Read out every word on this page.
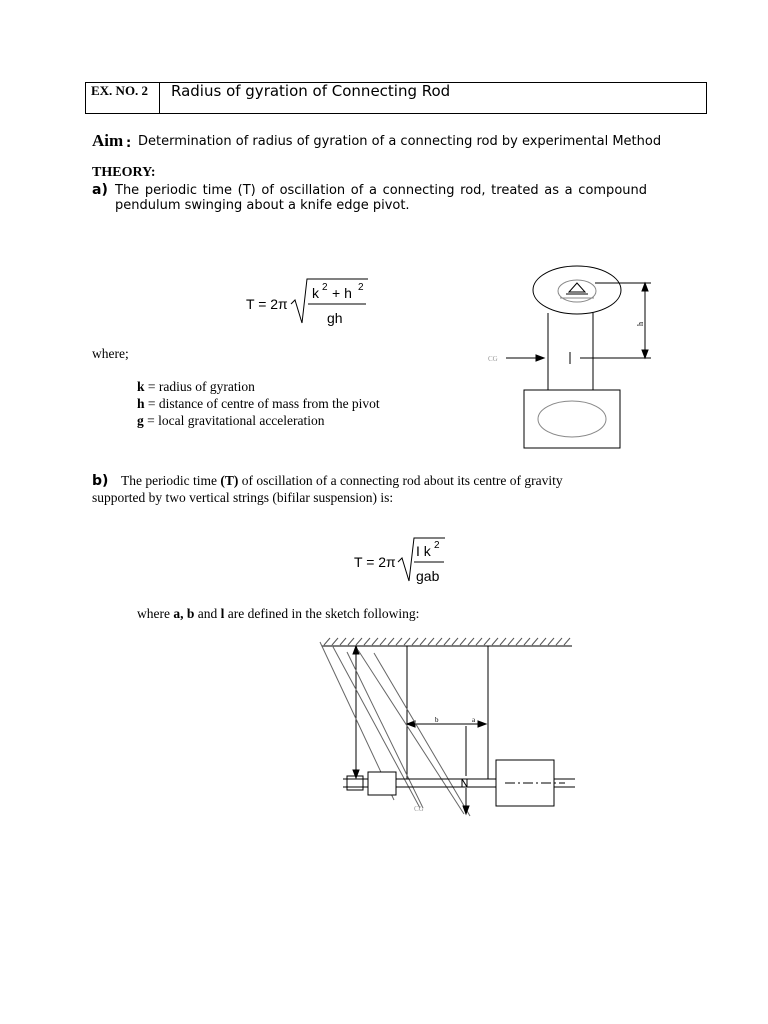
EX. NO. 2 Radius of gyration of Connecting Rod
Aim : Determination of radius of gyration of a connecting rod by experimental Method
THEORY:
a) The periodic time (T) of oscillation of a connecting rod, treated as a compound
pendulum swinging about a knife edge pivot.
where;
k = radius of gyration
h = distance of centre of mass from the pivot
g = local gravitational acceleration
b) The periodic time (T) of oscillation of a connecting rod about its centre of gravity
supported by two vertical strings (bifilar suspension) is:
where a, b and l are defined in the sketch following:
T = 2π
k 2 + h 2
gh	h
CG
T = 2π
I k 2
gab
b	a
CG
